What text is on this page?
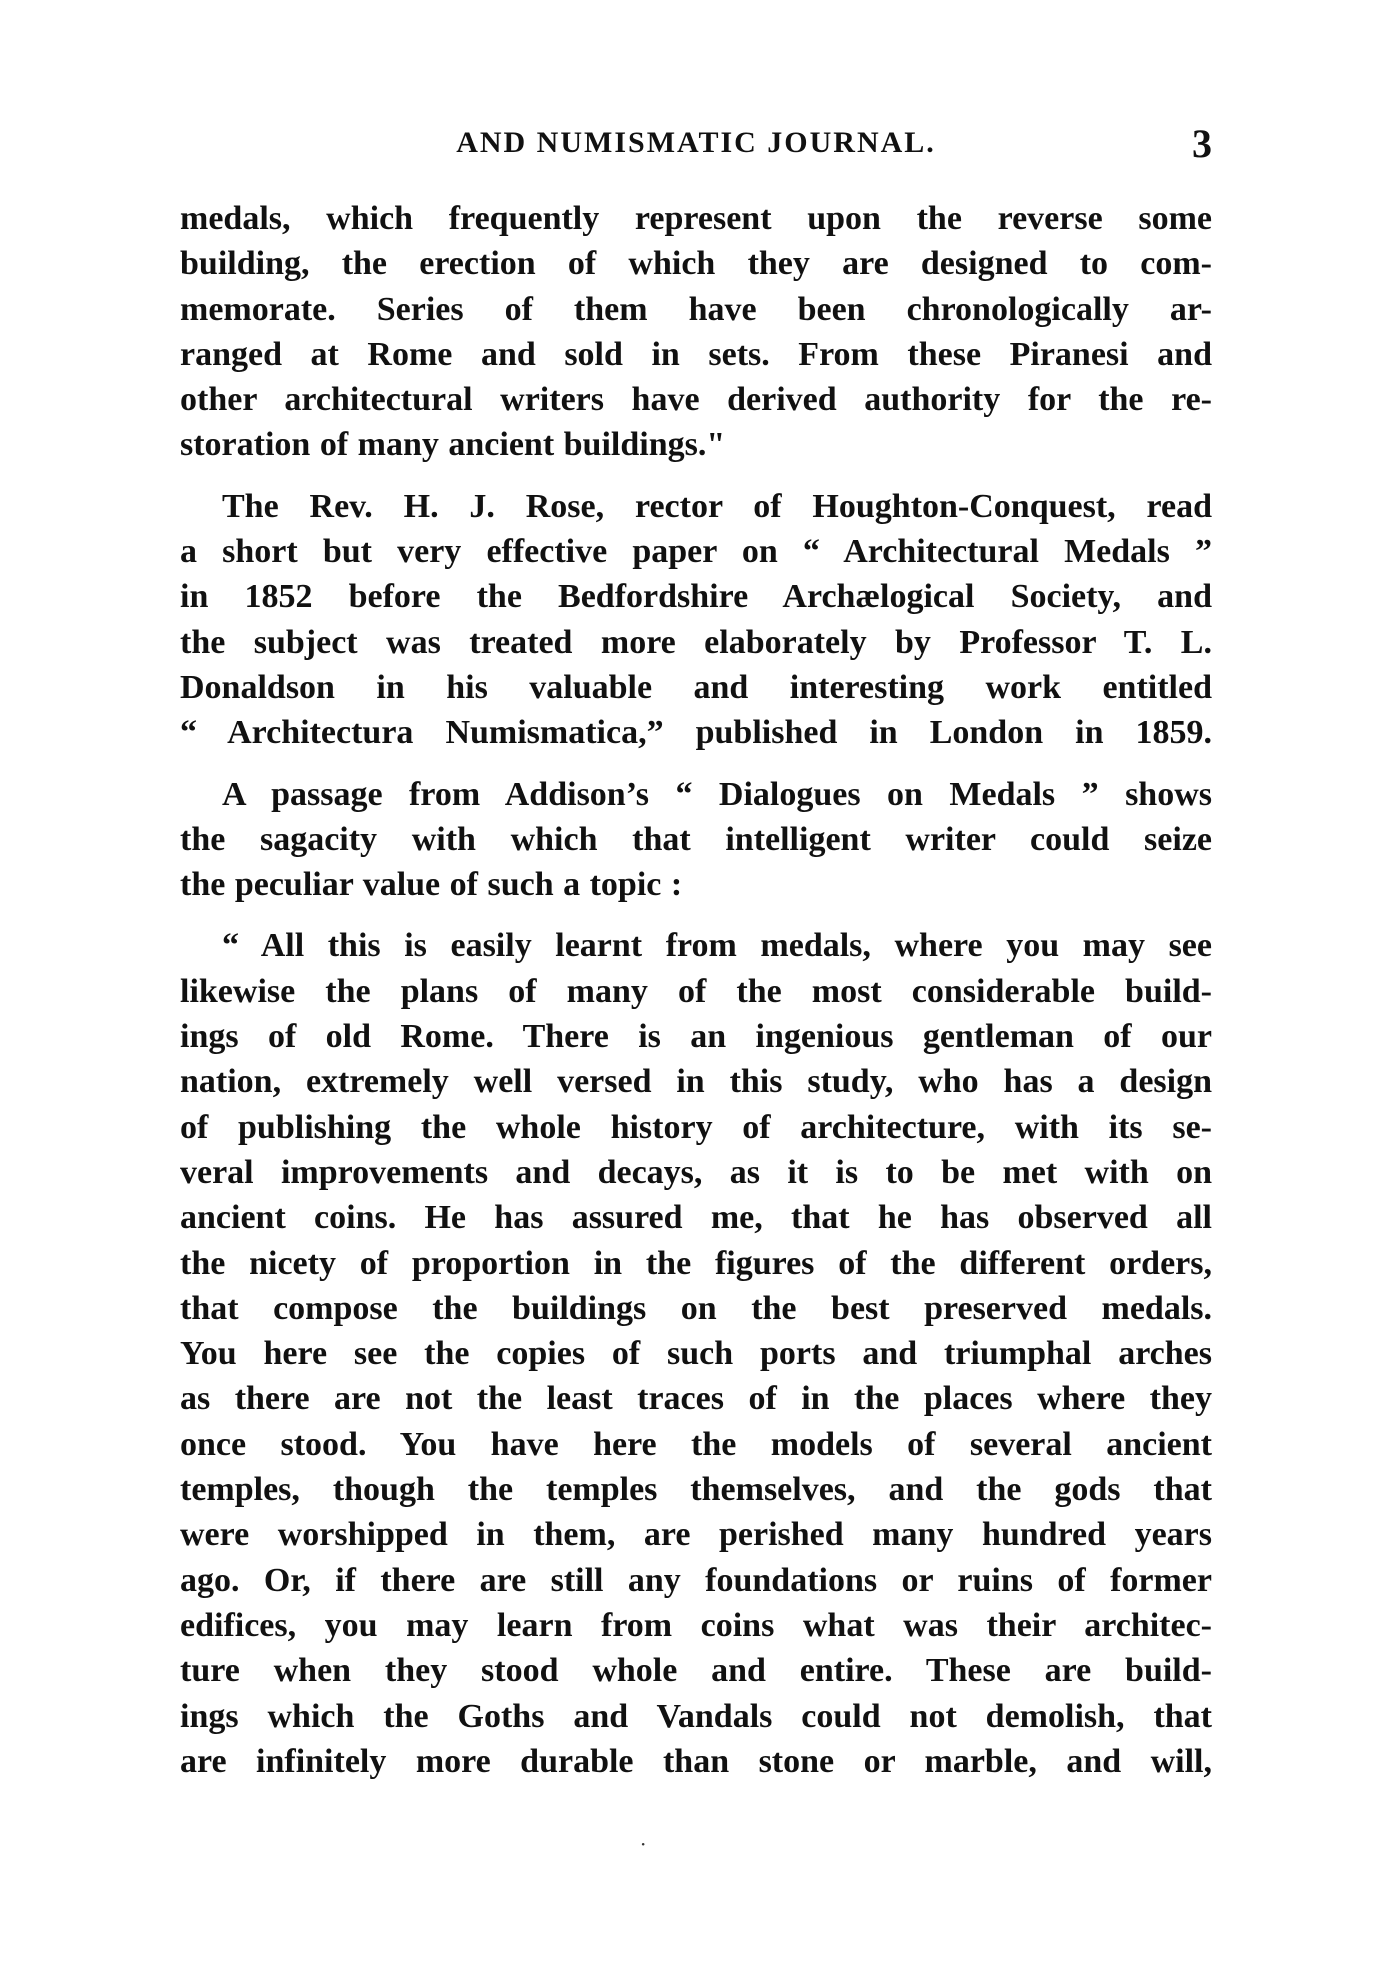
AND NUMISMATIC JOURNAL.	3

medals, which frequently represent upon the reverse some
building, the erection of which they are designed to com-
memorate. Series of them have been chronologically ar-
ranged at Rome and sold in sets. From these Piranesi and
other architectural writers have derived authority for the re-
storation of many ancient buildings."

The Rev. H. J. Rose, rector of Houghton-Conquest, read
a short but very effective paper on “ Architectural Medals ”
in 1852 before the Bedfordshire Archælogical Society, and
the subject was treated more elaborately by Professor T. L.
Donaldson in his valuable and interesting work entitled
“ Architectura Numismatica,” published in London in 1859.

A passage from Addison’s “ Dialogues on Medals ” shows
the sagacity with which that intelligent writer could seize
the peculiar value of such a topic :

“ All this is easily learnt from medals, where you may see
likewise the plans of many of the most considerable build-
ings of old Rome. There is an ingenious gentleman of our
nation, extremely well versed in this study, who has a design
of publishing the whole history of architecture, with its se-
veral improvements and decays, as it is to be met with on
ancient coins. He has assured me, that he has observed all
the nicety of proportion in the figures of the different orders,
that compose the buildings on the best preserved medals.
You here see the copies of such ports and triumphal arches
as there are not the least traces of in the places where they
once stood. You have here the models of several ancient
temples, though the temples themselves, and the gods that
were worshipped in them, are perished many hundred years
ago. Or, if there are still any foundations or ruins of former
edifices, you may learn from coins what was their architec-
ture when they stood whole and entire. These are build-
ings which the Goths and Vandals could not demolish, that
are infinitely more durable than stone or marble, and will,

·
